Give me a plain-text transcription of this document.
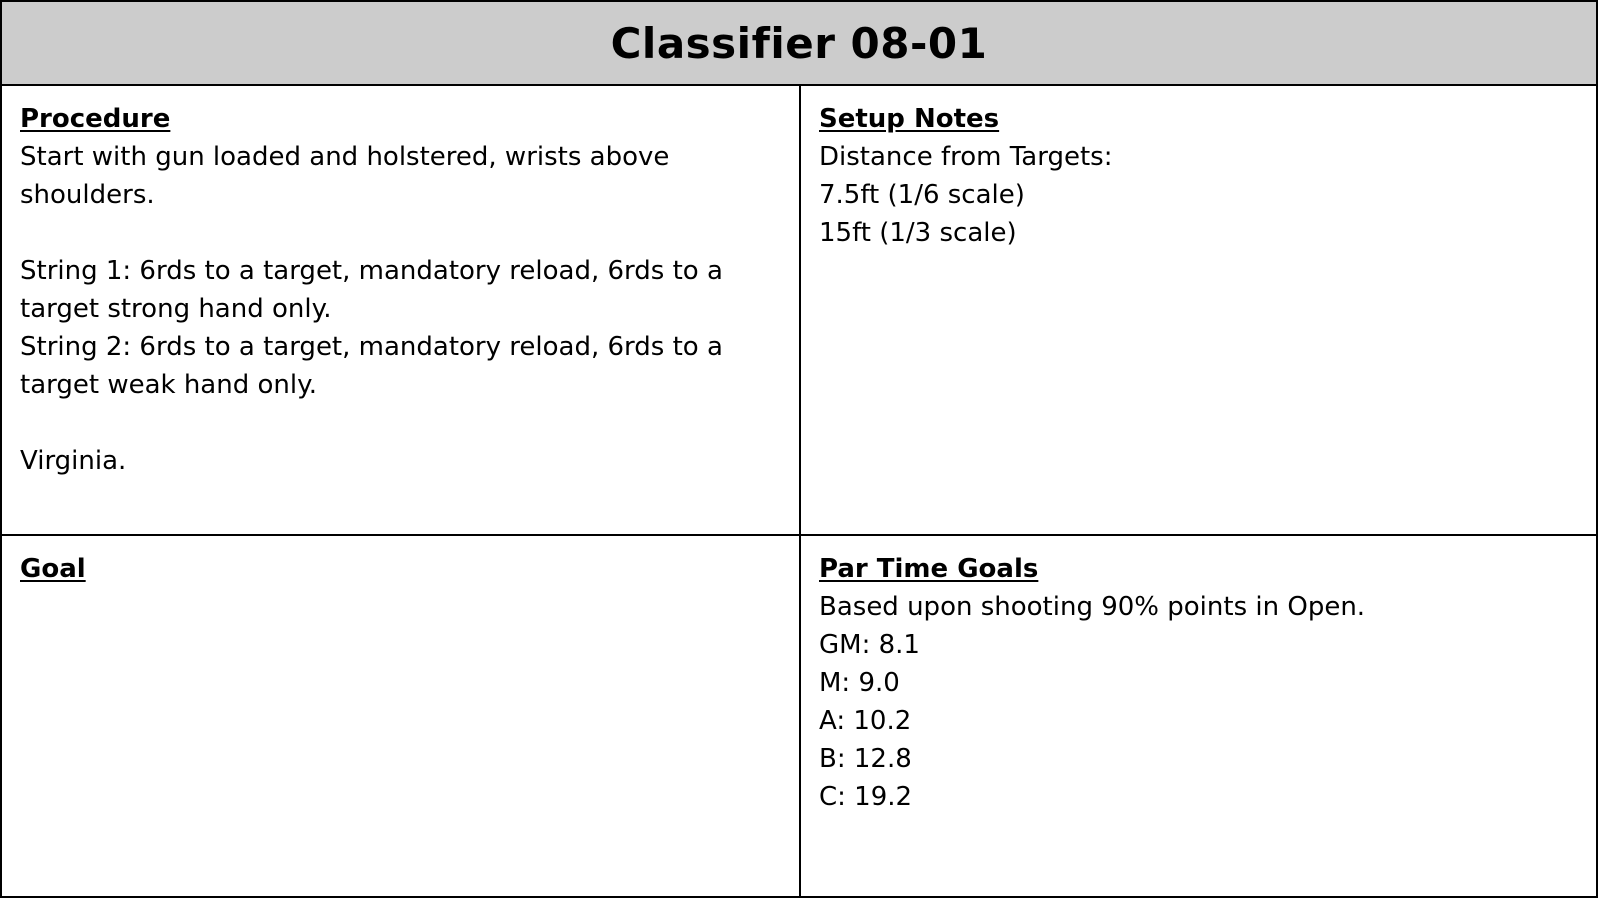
Classifier 08-01
Procedure
Start with gun loaded and holstered, wrists above shoulders.
String 1: 6rds to a target, mandatory reload, 6rds to a target strong hand only.
String 2: 6rds to a target, mandatory reload, 6rds to a target weak hand only.
Virginia.
Setup Notes
Distance from Targets:
7.5ft (1/6 scale)
15ft (1/3 scale)
Goal	Par Time Goals
Based upon shooting 90% points in Open.
GM: 8.1
M: 9.0
A: 10.2
B: 12.8
C: 19.2
